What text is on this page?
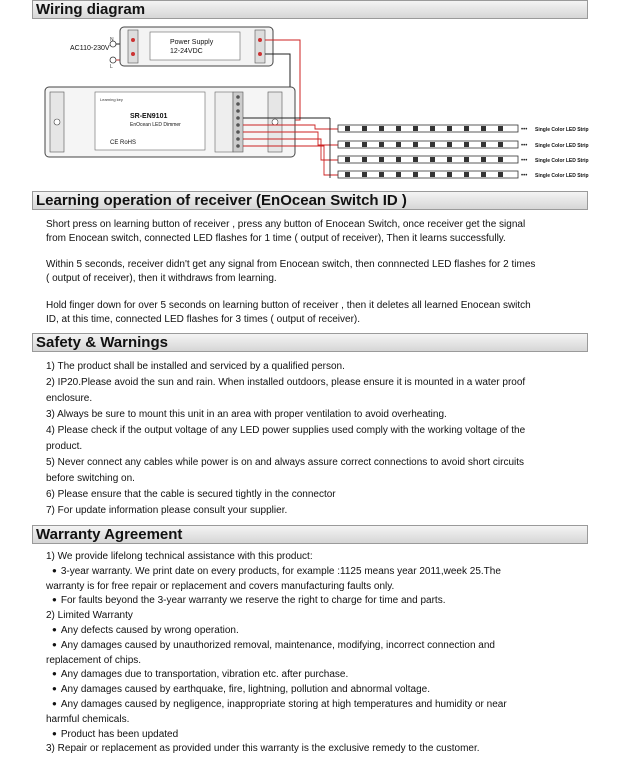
Wiring diagram
AC110-230V
N
L
Power Supply
12-24VDC
Learning key
SR-EN9101
EnOcean LED Dimmer
CE RoHS
••• Single Color LED Strip
••• Single Color LED Strip
••• Single Color LED Strip
••• Single Color LED Strip
Learning operation of receiver (EnOcean Switch ID )
Short press on learning button of receiver , press any button of Enocean Switch, once receiver get the signal
from Enocean switch, connected LED flashes for 1 time ( output of receiver), Then it learns successfully.
Within 5 seconds, receiver didn't get any signal from Enocean switch, then connnected LED flashes for 2 times
( output of receiver), then it withdraws from learning.
Hold finger down for over 5 seconds on learning button of receiver , then it deletes all learned Enocean switch
ID, at this time, connected LED flashes for 3 times ( output of receiver).
Safety & Warnings
1) The product shall be installed and serviced by a qualified person.
2) IP20.Please avoid the sun and rain. When installed outdoors, please ensure it is mounted in a water proof
enclosure.
3) Always be sure to mount this unit in an area with proper ventilation to avoid overheating.
4) Please check if the output voltage of any LED power supplies used comply with the working voltage of the
product.
5) Never connect any cables while power is on and always assure correct connections to avoid short circuits
before switching on.
6) Please ensure that the cable is secured tightly in the connector
7) For update information please consult your supplier.
Warranty Agreement
1) We provide lifelong technical assistance with this product:
● 3-year warranty. We print date on every products, for example :1125 means year 2011,week 25.The
warranty is for free repair or replacement and covers manufacturing faults only.
● For faults beyond the 3-year warranty we reserve the right to charge for time and parts.
2) Limited Warranty
● Any defects caused by wrong operation.
● Any damages caused by unauthorized removal, maintenance, modifying, incorrect connection and
replacement of chips.
● Any damages due to transportation, vibration etc. after purchase.
● Any damages caused by earthquake, fire, lightning, pollution and abnormal voltage.
● Any damages caused by negligence, inappropriate storing at high temperatures and humidity or near
harmful chemicals.
● Product has been updated
3) Repair or replacement as provided under this warranty is the exclusive remedy to the customer.
